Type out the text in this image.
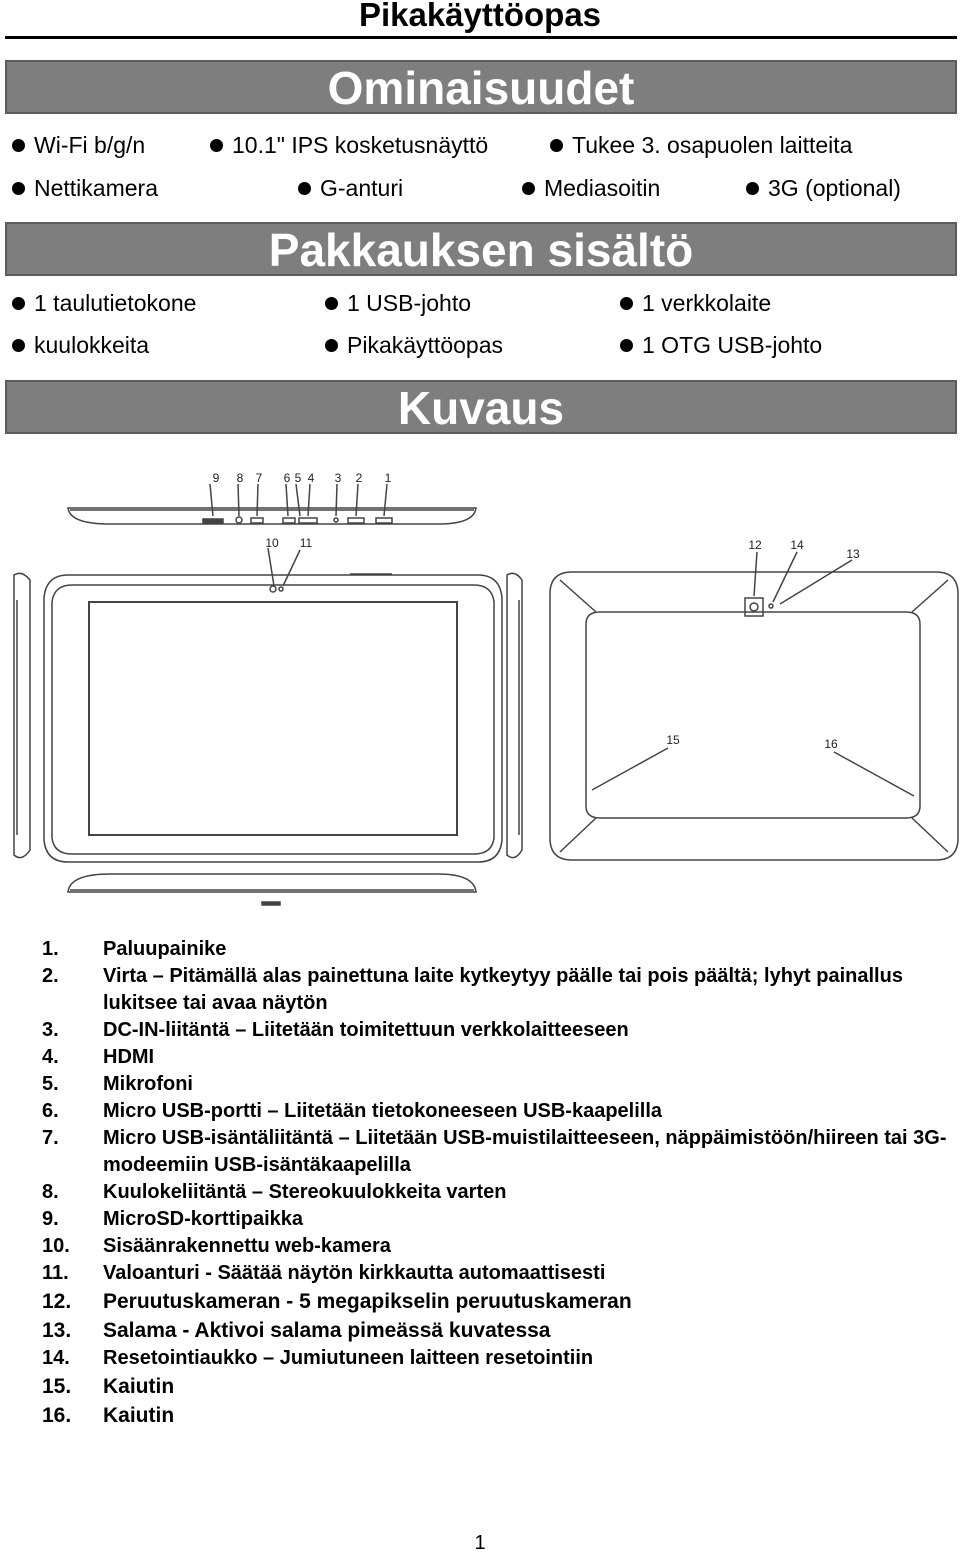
Pikakäyttöopas
Ominaisuudet
Wi-Fi b/g/n	10.1" IPS kosketusnäyttö	Tukee 3. osapuolen laitteita
Nettikamera	G-anturi	Mediasoitin	3G (optional)
Pakkauksen sisältö
1 taulutietokone	1 USB-johto	1 verkkolaite
kuulokkeita	Pikakäyttöopas	1 OTG USB-johto
Kuvaus
9 8 7 6 5 4 3 2 1
10 11	12 14
13
15	16
1. Paluupainike
2. Virta – Pitämällä alas painettuna laite kytkeytyy päälle tai pois päältä; lyhyt painallus lukitsee tai avaa näytön
3. DC-IN-liitäntä – Liitetään toimitettuun verkkolaitteeseen
4. HDMI
5. Mikrofoni
6. Micro USB-portti – Liitetään tietokoneeseen USB-kaapelilla
7. Micro USB-isäntäliitäntä – Liitetään USB-muistilaitteeseen, näppäimistöön/hiireen tai 3G-modeemiin USB-isäntäkaapelilla
8. Kuulokeliitäntä – Stereokuulokkeita varten
9. MicroSD-korttipaikka
10. Sisäänrakennettu web-kamera
11. Valoanturi - Säätää näytön kirkkautta automaattisesti
12. Peruutuskameran - 5 megapikselin peruutuskameran
13. Salama - Aktivoi salama pimeässä kuvatessa
14. Resetointiaukko – Jumiutuneen laitteen resetointiin
15. Kaiutin
16. Kaiutin
1
